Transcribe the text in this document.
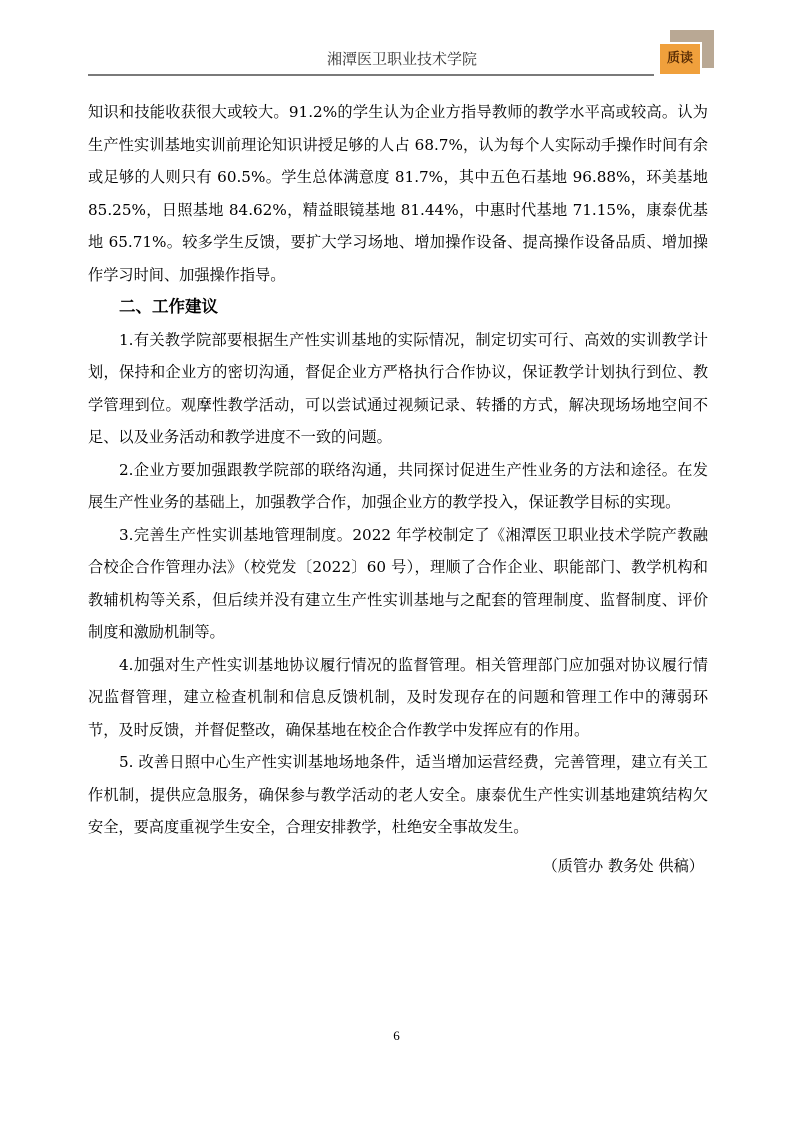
湘潭医卫职业技术学院	质读

知识和技能收获很大或较大。91.2%的学生认为企业方指导教师的教学水平高或较高。认为生产性实训基地实训前理论知识讲授足够的人占 68.7%，认为每个人实际动手操作时间有余或足够的人则只有 60.5%。学生总体满意度 81.7%，其中五色石基地 96.88%，环美基地 85.25%，日照基地 84.62%，精益眼镜基地 81.44%，中惠时代基地 71.15%，康泰优基地 65.71%。较多学生反馈，要扩大学习场地、增加操作设备、提高操作设备品质、增加操作学习时间、加强操作指导。

二、工作建议

1.有关教学院部要根据生产性实训基地的实际情况，制定切实可行、高效的实训教学计划，保持和企业方的密切沟通，督促企业方严格执行合作协议，保证教学计划执行到位、教学管理到位。观摩性教学活动，可以尝试通过视频记录、转播的方式，解决现场场地空间不足、以及业务活动和教学进度不一致的问题。

2.企业方要加强跟教学院部的联络沟通，共同探讨促进生产性业务的方法和途径。在发展生产性业务的基础上，加强教学合作，加强企业方的教学投入，保证教学目标的实现。

3.完善生产性实训基地管理制度。2022 年学校制定了《湘潭医卫职业技术学院产教融合校企合作管理办法》（校党发〔2022〕60 号），理顺了合作企业、职能部门、教学机构和教辅机构等关系，但后续并没有建立生产性实训基地与之配套的管理制度、监督制度、评价制度和激励机制等。

4.加强对生产性实训基地协议履行情况的监督管理。相关管理部门应加强对协议履行情况监督管理，建立检查机制和信息反馈机制，及时发现存在的问题和管理工作中的薄弱环节，及时反馈，并督促整改，确保基地在校企合作教学中发挥应有的作用。

5. 改善日照中心生产性实训基地场地条件，适当增加运营经费，完善管理，建立有关工作机制，提供应急服务，确保参与教学活动的老人安全。康泰优生产性实训基地建筑结构欠安全，要高度重视学生安全，合理安排教学，杜绝安全事故发生。

（质管办 教务处 供稿）

6
